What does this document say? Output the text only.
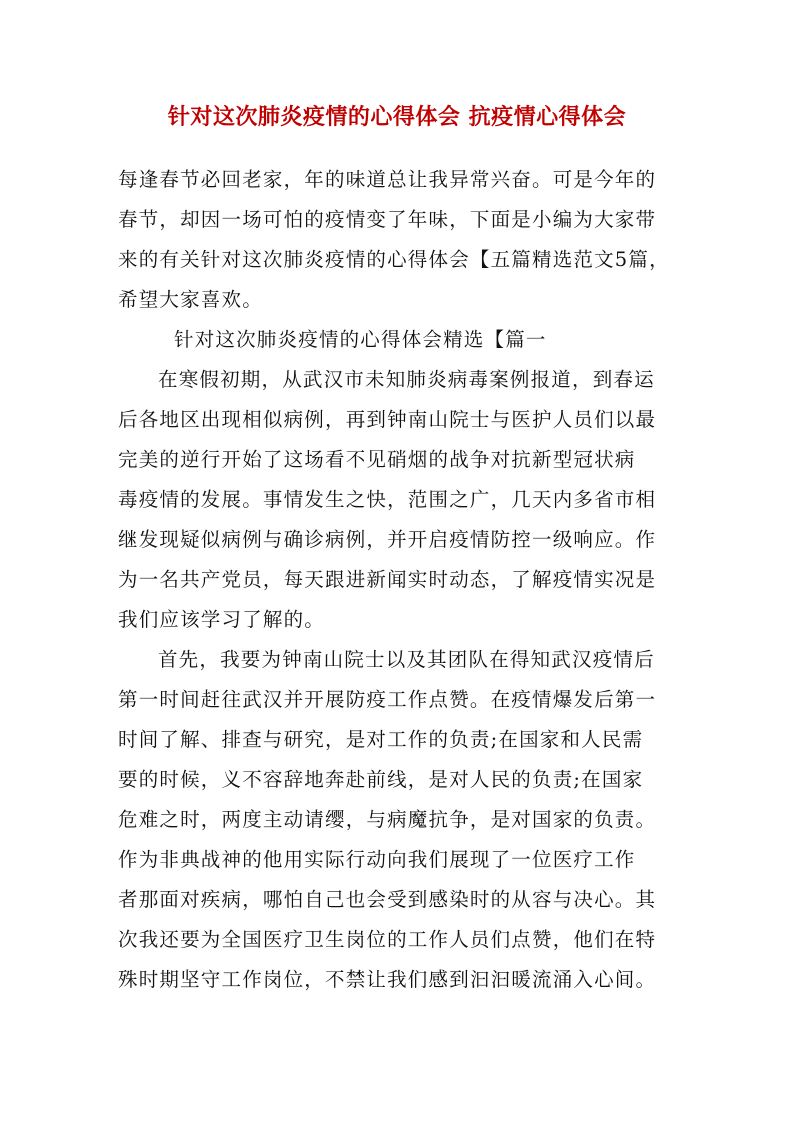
针对这次肺炎疫情的心得体会 抗疫情心得体会

每逢春节必回老家，年的味道总让我异常兴奋。可是今年的
春节，却因一场可怕的疫情变了年味，下面是小编为大家带
来的有关针对这次肺炎疫情的心得体会【五篇精选范文5篇，
希望大家喜欢。

针对这次肺炎疫情的心得体会精选【篇一

在寒假初期，从武汉市未知肺炎病毒案例报道，到春运
后各地区出现相似病例，再到钟南山院士与医护人员们以最
完美的逆行开始了这场看不见硝烟的战争对抗新型冠状病
毒疫情的发展。事情发生之快，范围之广，几天内多省市相
继发现疑似病例与确诊病例，并开启疫情防控一级响应。作
为一名共产党员，每天跟进新闻实时动态，了解疫情实况是
我们应该学习了解的。

首先，我要为钟南山院士以及其团队在得知武汉疫情后
第一时间赶往武汉并开展防疫工作点赞。在疫情爆发后第一
时间了解、排查与研究，是对工作的负责;在国家和人民需
要的时候，义不容辞地奔赴前线，是对人民的负责;在国家
危难之时，两度主动请缨，与病魔抗争，是对国家的负责。
作为非典战神的他用实际行动向我们展现了一位医疗工作
者那面对疾病，哪怕自己也会受到感染时的从容与决心。其
次我还要为全国医疗卫生岗位的工作人员们点赞，他们在特
殊时期坚守工作岗位，不禁让我们感到汩汩暖流涌入心间。
